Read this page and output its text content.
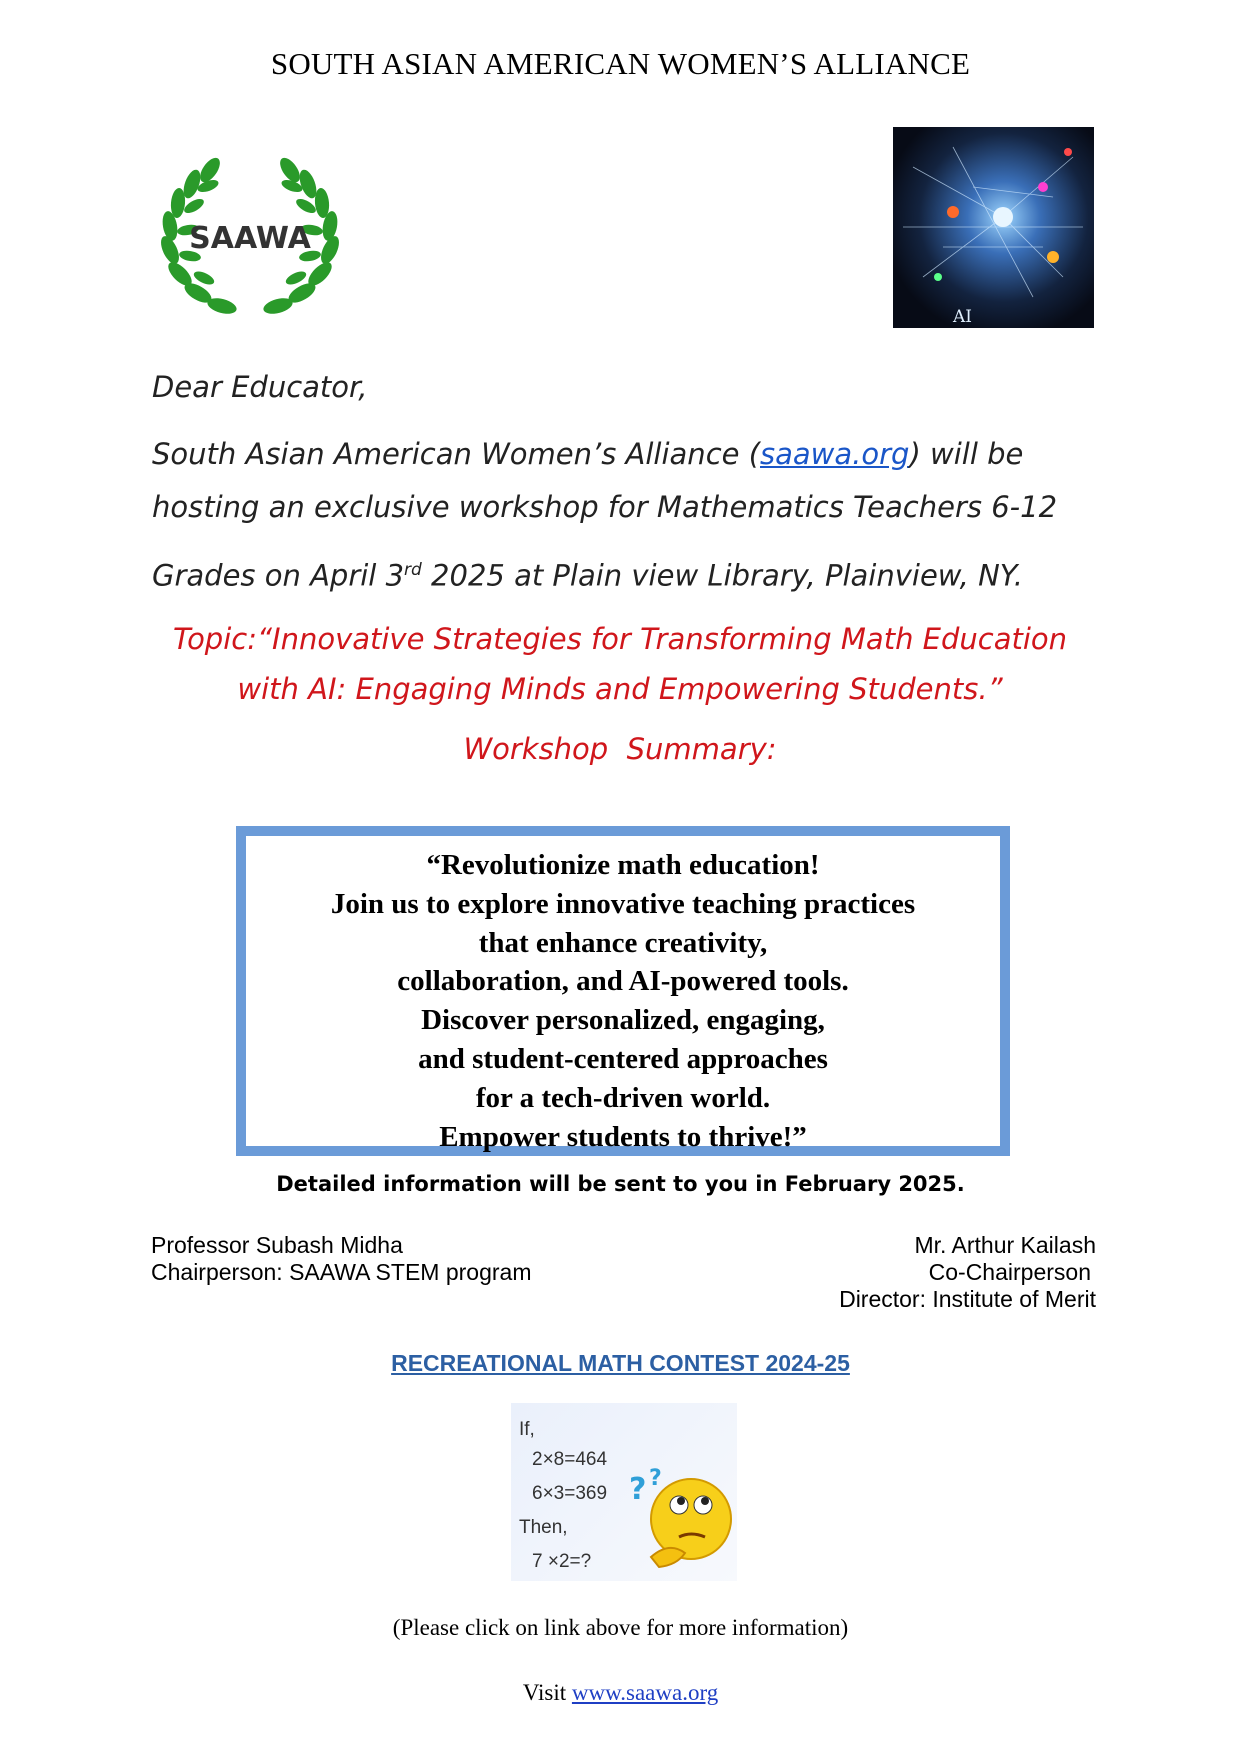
SOUTH ASIAN AMERICAN WOMEN’S ALLIANCE
SAAWA
AI
Dear Educator,
South Asian American Women’s Alliance (saawa.org) will be
hosting an exclusive workshop for Mathematics Teachers 6-12
Grades on April 3rd 2025 at Plain view Library, Plainview, NY.
Topic:“Innovative Strategies for Transforming Math Education
with AI: Engaging Minds and Empowering Students.”
Workshop  Summary:
“Revolutionize math education!
Join us to explore innovative teaching practices
that enhance creativity,
collaboration, and AI-powered tools.
Discover personalized, engaging,
and student-centered approaches
for a tech-driven world.
Empower students to thrive!”
Detailed information will be sent to you in February 2025.
Professor Subash Midha
Chairperson: SAAWA STEM program
Mr. Arthur Kailash
Co-Chairperson
Director: Institute of Merit
RECREATIONAL MATH CONTEST 2024-25
If,
2×8=464
6×3=369
Then,
7 ×2=?
? ?
(Please click on link above for more information)
Visit www.saawa.org
